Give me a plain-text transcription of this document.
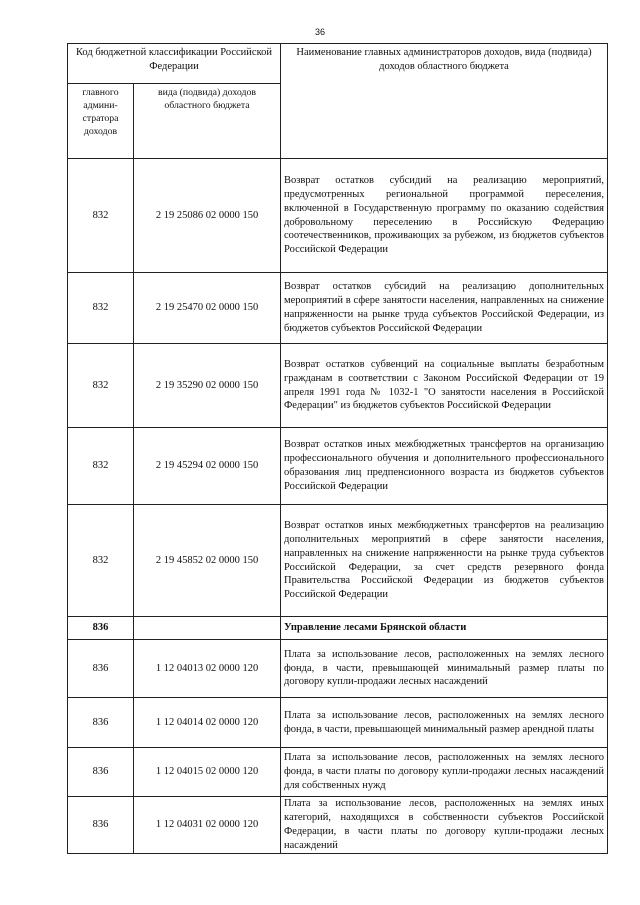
36
Код бюджетной классификации Российской Федерации		Наименование главных администраторов доходов, вида (подвида) доходов областного бюджета
главного админи-стратора доходов	вида (подвида) доходов областного бюджета	
832	2 19 25086 02 0000 150	Возврат остатков субсидий на реализацию мероприятий, предусмотренных региональной программой переселения, включенной в Государственную программу по оказанию содействия добровольному переселению в Российскую Федерацию соотечественников, проживающих за рубежом, из бюджетов субъектов Российской Федерации
832	2 19 25470 02 0000 150	Возврат остатков субсидий на реализацию дополнительных мероприятий в сфере занятости населения, направленных на снижение напряженности на рынке труда субъектов Российской Федерации, из бюджетов субъектов Российской Федерации
832	2 19 35290 02 0000 150	Возврат остатков субвенций на социальные выплаты безработным гражданам в соответствии с Законом Российской Федерации от 19 апреля 1991 года № 1032-1 "О занятости населения в Российской Федерации" из бюджетов субъектов Российской Федерации
832	2 19 45294 02 0000 150	Возврат остатков иных межбюджетных трансфертов на организацию профессионального обучения и дополнительного профессионального образования лиц предпенсионного возраста из бюджетов субъектов Российской Федерации
832	2 19 45852 02 0000 150	Возврат остатков иных межбюджетных трансфертов на реализацию дополнительных мероприятий в сфере занятости населения, направленных на снижение напряженности на рынке труда субъектов Российской Федерации, за счет средств резервного фонда Правительства Российской Федерации из бюджетов субъектов Российской Федерации
836		Управление лесами Брянской области
836	1 12 04013 02 0000 120	Плата за использование лесов, расположенных на землях лесного фонда, в части, превышающей минимальный размер платы по договору купли-продажи лесных насаждений
836	1 12 04014 02 0000 120	Плата за использование лесов, расположенных на землях лесного фонда, в части, превышающей минимальный размер арендной платы
836	1 12 04015 02 0000 120	Плата за использование лесов, расположенных на землях лесного фонда, в части платы по договору купли-продажи лесных насаждений для собственных нужд
836	1 12 04031 02 0000 120	Плата за использование лесов, расположенных на землях иных категорий, находящихся в собственности субъектов Российской Федерации, в части платы по договору купли-продажи лесных насаждений
